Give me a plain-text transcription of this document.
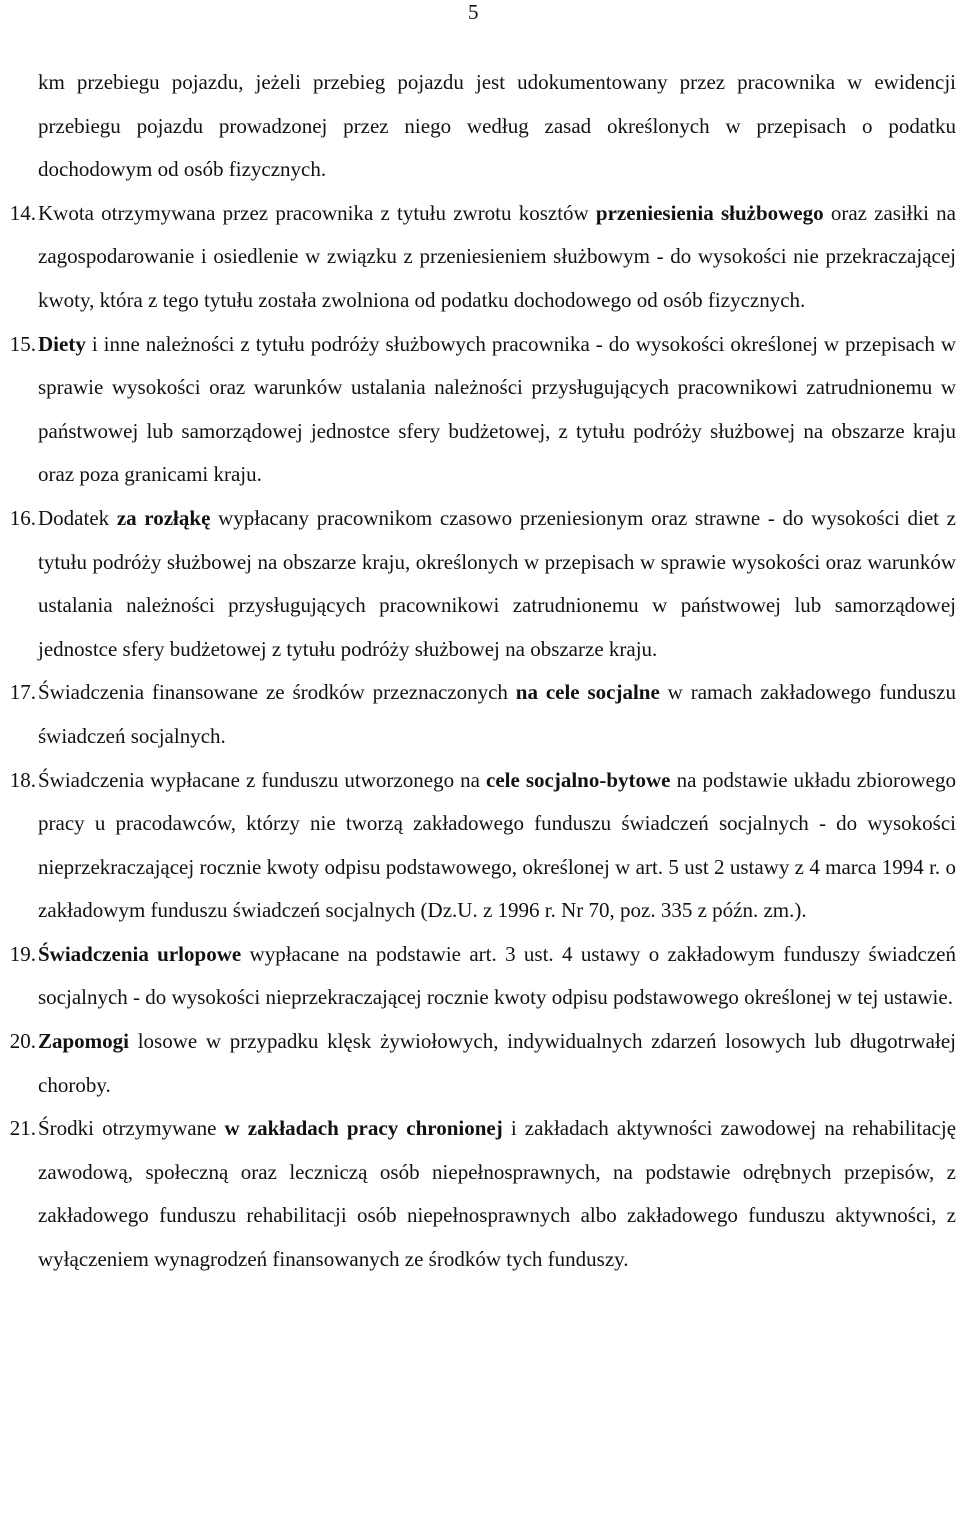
5

km przebiegu pojazdu, jeżeli przebieg pojazdu jest udokumentowany przez pracownika w ewidencji przebiegu pojazdu prowadzonej przez niego według zasad określonych w przepisach o podatku dochodowym od osób fizycznych.

14. Kwota otrzymywana przez pracownika z tytułu zwrotu kosztów przeniesienia służbowego oraz zasiłki na zagospodarowanie i osiedlenie w związku z przeniesieniem służbowym - do wysokości nie przekraczającej kwoty, która z tego tytułu została zwolniona od podatku dochodowego od osób fizycznych.
15. Diety i inne należności z tytułu podróży służbowych pracownika - do wysokości określonej w przepisach w sprawie wysokości oraz warunków ustalania należności przysługujących pracownikowi zatrudnionemu w państwowej lub samorządowej jednostce sfery budżetowej, z tytułu podróży służbowej na obszarze kraju oraz poza granicami kraju.
16. Dodatek za rozłąkę wypłacany pracownikom czasowo przeniesionym oraz strawne - do wysokości diet z tytułu podróży służbowej na obszarze kraju, określonych w przepisach w sprawie wysokości oraz warunków ustalania należności przysługujących pracownikowi zatrudnionemu w państwowej lub samorządowej jednostce sfery budżetowej z tytułu podróży służbowej na obszarze kraju.
17. Świadczenia finansowane ze środków przeznaczonych na cele socjalne w ramach zakładowego funduszu świadczeń socjalnych.
18. Świadczenia wypłacane z funduszu utworzonego na cele socjalno-bytowe na podstawie układu zbiorowego pracy u pracodawców, którzy nie tworzą zakładowego funduszu świadczeń socjalnych - do wysokości nieprzekraczającej rocznie kwoty odpisu podstawowego, określonej w art. 5 ust 2 ustawy z 4 marca 1994 r. o zakładowym funduszu świadczeń socjalnych (Dz.U. z 1996 r. Nr 70, poz. 335 z późn. zm.).
19. Świadczenia urlopowe wypłacane na podstawie art. 3 ust. 4 ustawy o zakładowym funduszy świadczeń socjalnych - do wysokości nieprzekraczającej rocznie kwoty odpisu podstawowego określonej w tej ustawie.
20. Zapomogi losowe w przypadku klęsk żywiołowych, indywidualnych zdarzeń losowych lub długotrwałej choroby.
21. Środki otrzymywane w zakładach pracy chronionej i zakładach aktywności zawodowej na rehabilitację zawodową, społeczną oraz leczniczą osób niepełnosprawnych, na podstawie odrębnych przepisów, z zakładowego funduszu rehabilitacji osób niepełnosprawnych albo zakładowego funduszu aktywności, z wyłączeniem wynagrodzeń finansowanych ze środków tych funduszy.
